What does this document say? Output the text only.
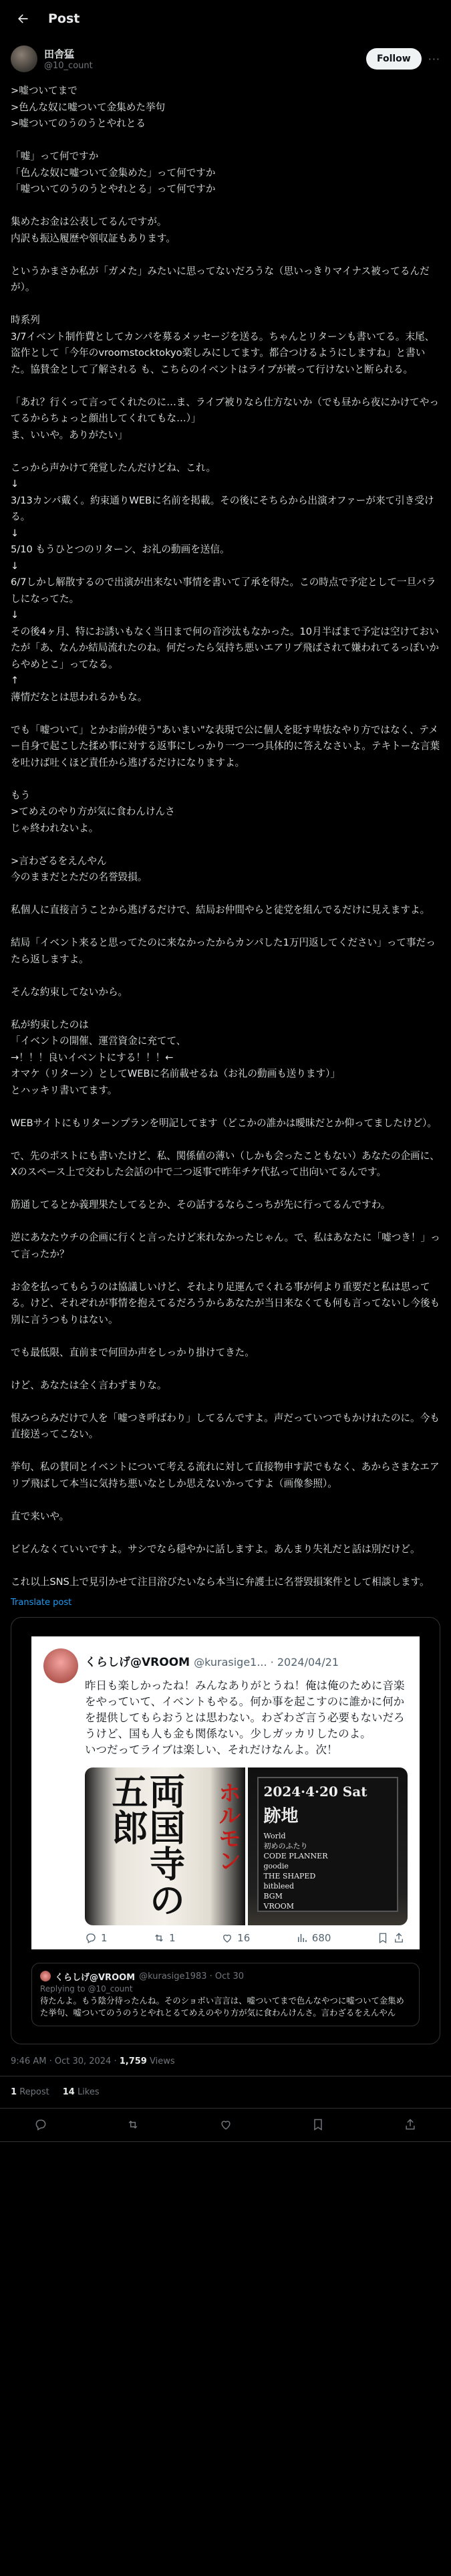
Post
田舎猛
@10_count
Follow	···
>嘘ついてまで
>色んな奴に嘘ついて金集めた挙句
>嘘ついてのうのうとやれとる
「嘘」って何ですか
「色んな奴に嘘ついて金集めた」って何ですか
「嘘ついてのうのうとやれとる」って何ですか
集めたお金は公表してるんですが。
内訳も振込履歴や領収証もあります。
というかまさか私が「ガメた」みたいに思ってないだろうな（思いっきりマイナス被ってるんだが）。
時系列
3/7イベント制作費としてカンパを募るメッセージを送る。ちゃんとリターンも書いてる。末尾、盗作として「今年のvroomstocktokyo楽しみにしてます。都合つけるようにしますね」と書いた。協賛金として了解される も、こちらのイベントはライブが被って行けないと断られる。
「あれ？行くって言ってくれたのに…ま、ライブ被りなら仕方ないか（でも昼から夜にかけてやってるからちょっと顔出してくれてもな…）」
ま、いいや。ありがたい」
こっから声かけて発覚したんだけどね、これ。
↓
3/13カンパ戴く。約束通りWEBに名前を掲載。その後にそちらから出演オファーが来て引き受ける。
↓
5/10 もうひとつのリターン、お礼の動画を送信。
↓
6/7しかし解散するので出演が出来ない事情を書いて了承を得た。この時点で予定として一旦バラしになってた。
↓
その後4ヶ月、特にお誘いもなく当日まで何の音沙汰もなかった。10月半ばまで予定は空けておいたが「あ、なんか結局流れたのね。何だったら気持ち悪いエアリプ飛ばされて嫌われてるっぽいからやめとこ」ってなる。
↑
薄情だなとは思われるかもな。
でも「嘘ついて」とかお前が使う"あいまい"な表現で公に個人を貶す卑怯なやり方ではなく、テメー自身で起こした揉め事に対する返事にしっかり一つ一つ具体的に答えなさいよ。テキトーな言葉を吐けば吐くほど責任から逃げるだけになりますよ。
もう
>てめえのやり方が気に食わんけんさ
じゃ終われないよ。
>言わざるをえんやん
今のままだとただの名誉毀損。
私個人に直接言うことから逃げるだけで、結局お仲間やらと徒党を組んでるだけに見えますよ。
結局「イベント来ると思ってたのに来なかったからカンパした1万円返してください」って事だったら返しますよ。
そんな約束してないから。
私が約束したのは
「イベントの開催、運営資金に充てて、
→！！！良いイベントにする！！！←
オマケ（リターン）としてWEBに名前載せるね（お礼の動画も送ります）」
とハッキリ書いてます。
WEBサイトにもリターンプランを明記してます（どこかの誰かは曖昧だとか仰ってましたけど）。
で、先のポストにも書いたけど、私、関係値の薄い（しかも会ったこともない）あなたの企画に、Xのスペース上で交わした会話の中で二つ返事で昨年チケ代払って出向いてるんです。
筋通してるとか義理果たしてるとか、その話するならこっちが先に行ってるんですわ。
逆にあなたウチの企画に行くと言ったけど来れなかったじゃん。で、私はあなたに「嘘つき！」って言ったか？
お金を払ってもらうのは協議しいけど、それより足運んでくれる事が何より重要だと私は思ってる。けど、それぞれが事情を抱えてるだろうからあなたが当日来なくても何も言ってないし今後も別に言うつもりはない。
でも最低限、直前まで何回か声をしっかり掛けてきた。
けど、あなたは全く言わずまりな。
恨みつらみだけで人を「嘘つき呼ばわり」してるんですよ。声だっていつでもかけれたのに。今も直接送ってこない。
挙句、私の賛同とイベントについて考える流れに対して直接物申す訳でもなく、あからさまなエアリプ飛ばして本当に気持ち悪いなとしか思えないかってすよ（画像参照）。
直で来いや。
ビビんなくていいですよ。サシでなら穏やかに話しますよ。あんまり失礼だと話は別だけど。
これ以上SNS上で見引かせて注目浴びたいなら本当に弁護士に名誉毀損案件として相談します。
Translate post
くらしげ@VROOM @kurasige1... · 2024/04/21
昨日も楽しかったね！みんなありがとうね！俺は俺のために音楽をやっていて、イベントもやる。何か事を起こすのに誰かに何かを提供してもらおうとは思わない。わざわざ言う必要もないだろうけど、国も人も金も関係ない。少しガッカリしたのよ。
いつだってライブは楽しい、それだけなんよ。次！
両国寺の五郎	ホルモン 2024·4·20 Sat
跡地
World
初めのふたり
CODE PLANNER
goodie
THE SHAPED
bitbleed
BGM
VROOM
1	1	16	680
くらしげ@VROOM @kurasige1983 · Oct 30
Replying to @10_count
待たんよ。もう陰分待ったんね。そのショボい言言は、嘘ついてまで色んなやつに嘘ついて金集めた挙句、嘘ついてのうのうとやれとるてめえのやり方が気に食わんけんさ。言わざるをえんやん
9:46 AM · Oct 30, 2024 · 1,759 Views
1 Repost 14 Likes
